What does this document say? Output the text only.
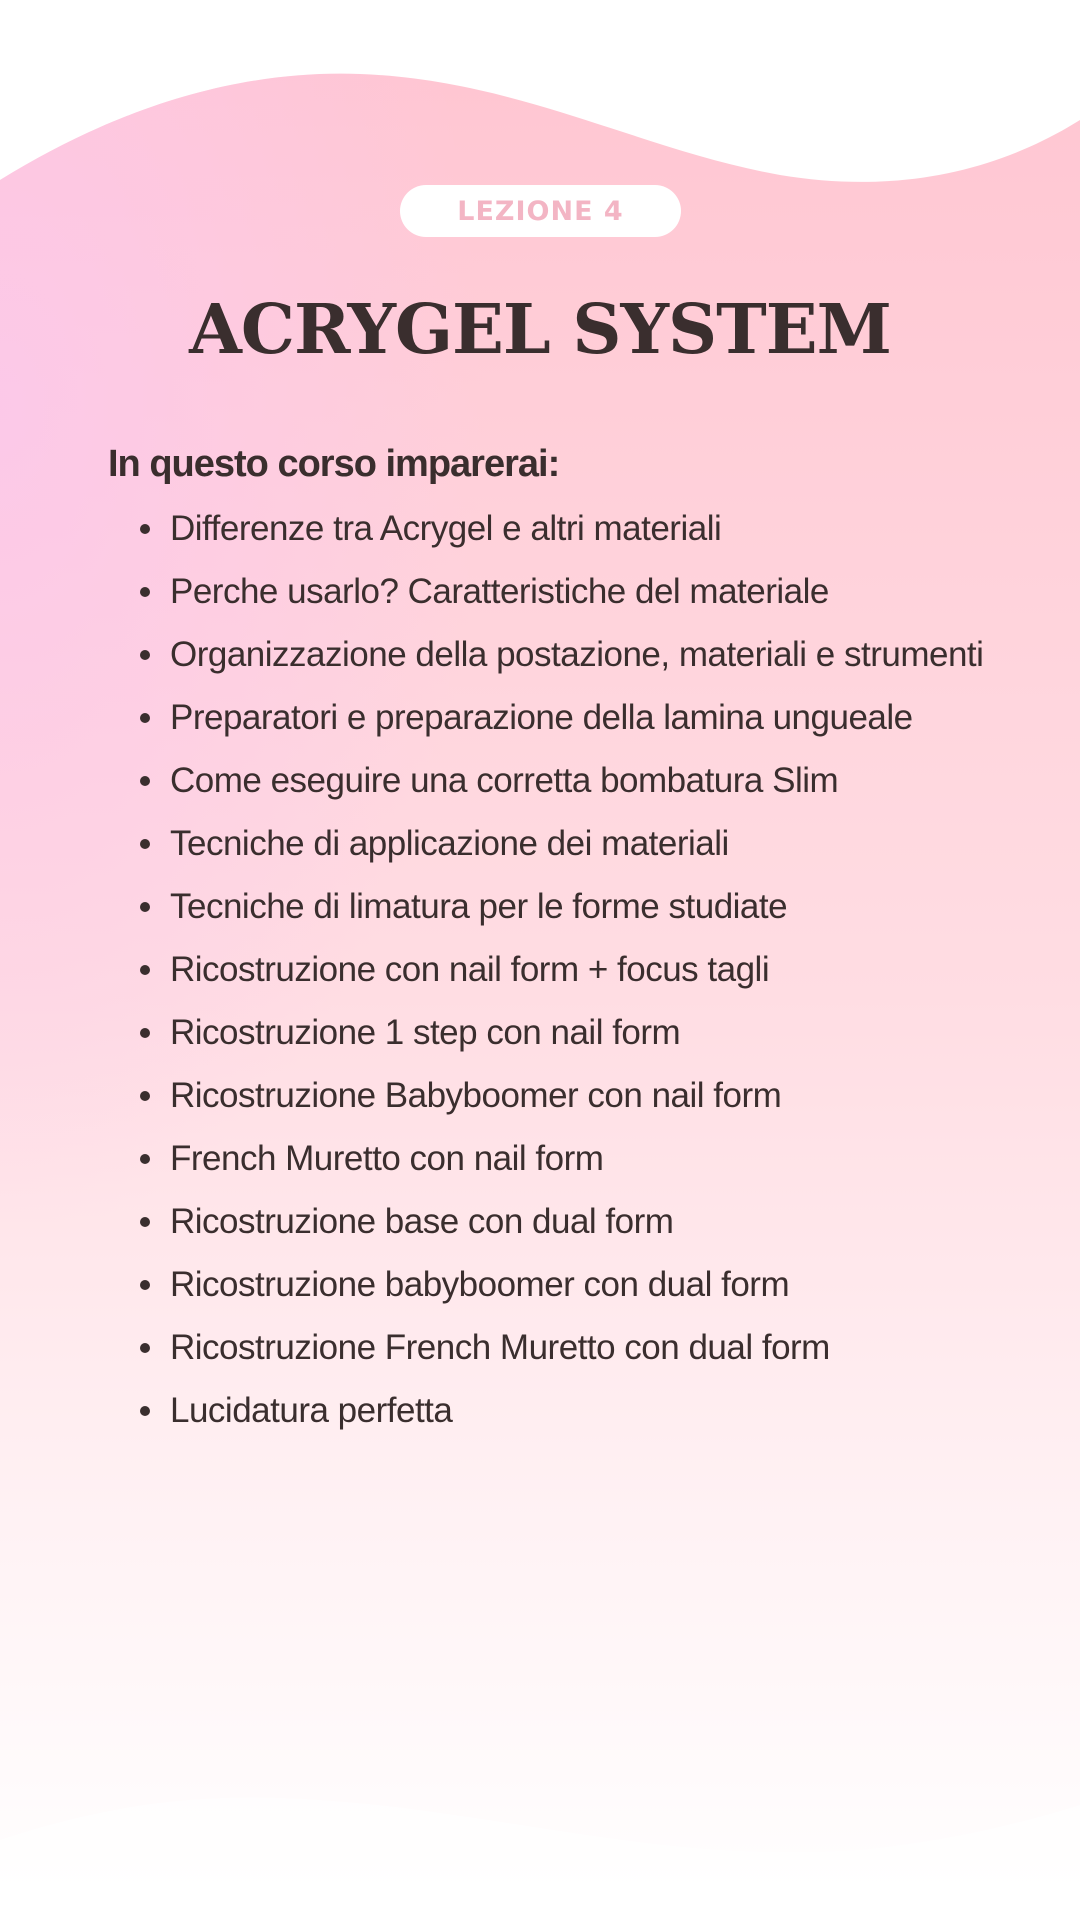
LEZIONE 4
ACRYGEL SYSTEM

In questo corso imparerai:

Differenze tra Acrygel e altri materiali
Perche usarlo? Caratteristiche del materiale
Organizzazione della postazione, materiali e strumenti
Preparatori e preparazione della lamina ungueale
Come eseguire una corretta bombatura Slim
Tecniche di applicazione dei materiali
Tecniche di limatura per le forme studiate
Ricostruzione con nail form + focus tagli
Ricostruzione 1 step con nail form
Ricostruzione Babyboomer con nail form
French Muretto con nail form
Ricostruzione base con dual form
Ricostruzione babyboomer con dual form
Ricostruzione French Muretto con dual form
Lucidatura perfetta
